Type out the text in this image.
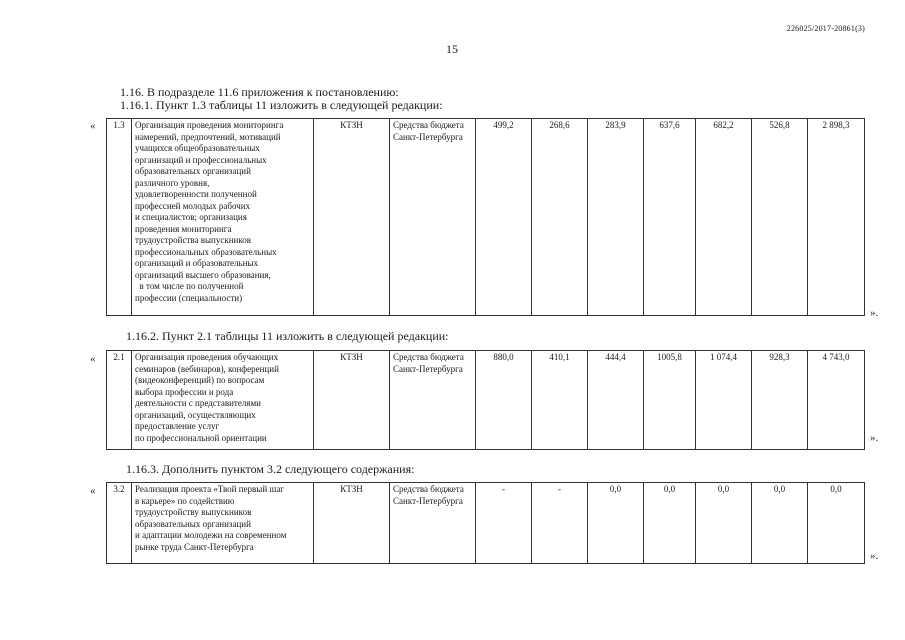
226025/2017-20861(3)
15
1.16. В подразделе 11.6 приложения к постановлению:
1.16.1. Пункт 1.3 таблицы 11 изложить в следующей редакции:
« 1.3	Организация проведения мониторинга
намерений, предпочтений, мотиваций
учащихся общеобразовательных
организаций и профессиональных
образовательных организаций
различного уровня,
удовлетворенности полученной
профессией молодых рабочих
и специалистов; организация
проведения мониторинга
трудоустройства выпускников
профессиональных образовательных
организаций и образовательных
организаций высшего образования,
в том числе по полученной
профессии (специальности)
	КТЗН	Средства бюджета Санкт-Петербурга	499,2	268,6	283,9	637,6	682,2	526,8	2 898,3
».
1.16.2. Пункт 2.1 таблицы 11 изложить в следующей редакции:
« 2.1	Организация проведения обучающих
семинаров (вебинаров), конференций
(видеоконференций) по вопросам
выбора профессии и рода
деятельности с представителями
организаций, осуществляющих
предоставление услуг
по профессиональной ориентации
	КТЗН	Средства бюджета Санкт-Петербурга	880,0	410,1	444,4	1005,8	1 074,4	928,3	4 743,0
».
1.16.3. Дополнить пунктом 3.2 следующего содержания:
« 3.2	Реализация проекта «Твой первый шаг
в карьере» по содействию
трудоустройству выпускников
образовательных организаций
и адаптации молодежи на современном
рынке труда Санкт-Петербурга
	КТЗН	Средства бюджета Санкт-Петербурга	-	-	0,0	0,0	0,0	0,0	0,0
».
